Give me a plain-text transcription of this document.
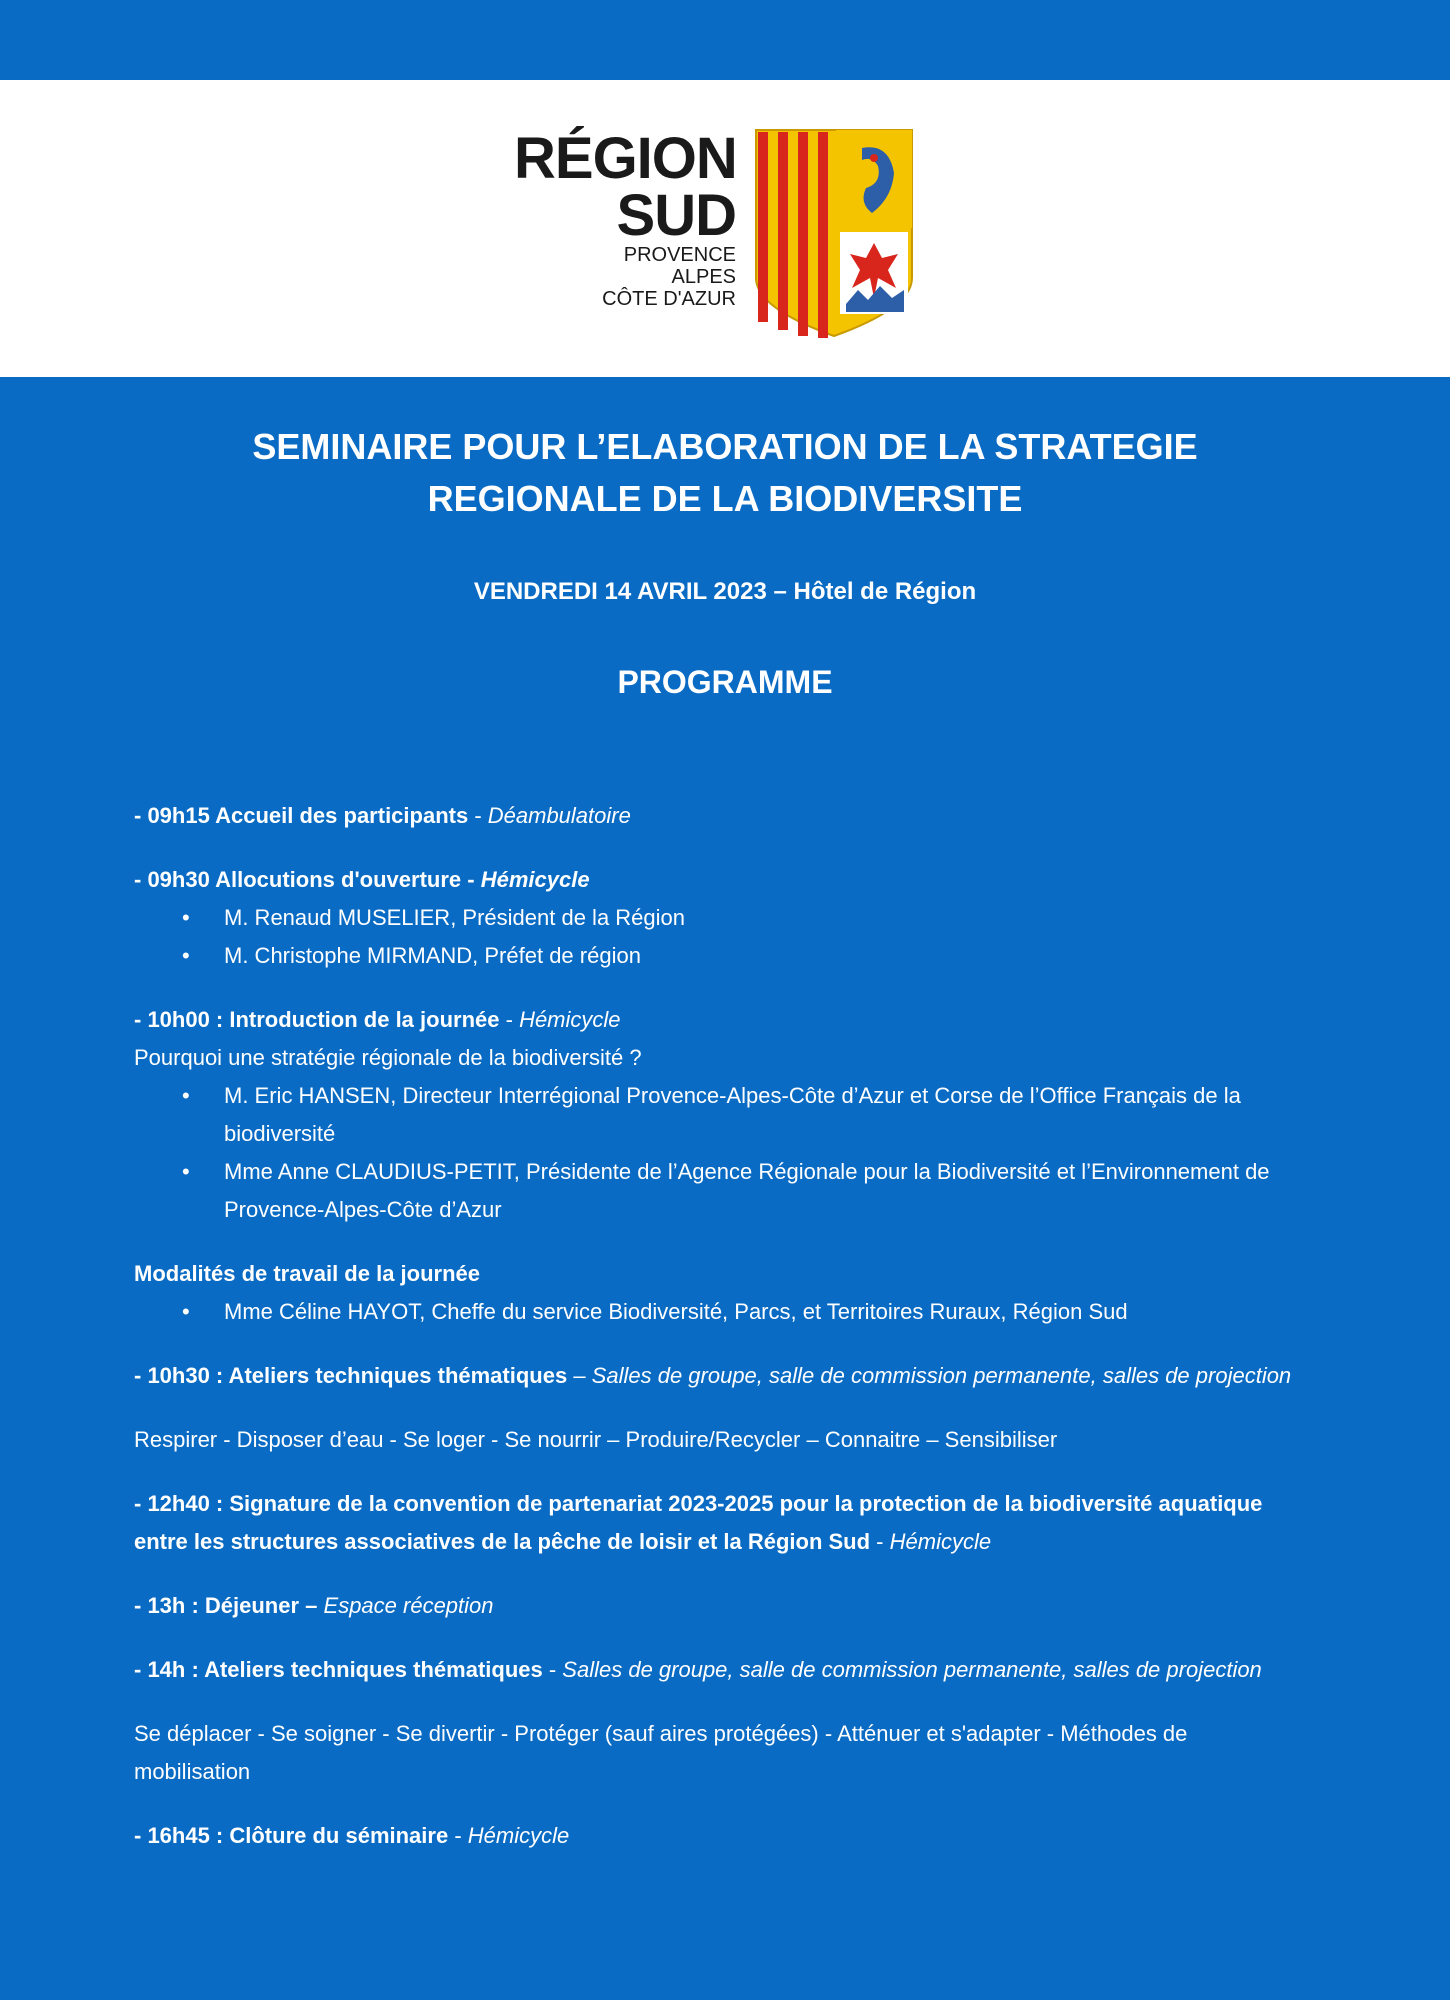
RÉGION
SUD
PROVENCE
ALPES
CÔTE D'AZUR
SEMINAIRE POUR L’ELABORATION DE LA STRATEGIE
REGIONALE DE LA BIODIVERSITE
VENDREDI 14 AVRIL 2023 – Hôtel de Région
PROGRAMME

- 09h15 Accueil des participants - Déambulatoire

- 09h30 Allocutions d'ouverture - Hémicycle

• M. Renaud MUSELIER, Président de la Région
• M. Christophe MIRMAND, Préfet de région

- 10h00 : Introduction de la journée - Hémicycle

Pourquoi une stratégie régionale de la biodiversité ?

• M. Eric HANSEN, Directeur Interrégional Provence-Alpes-Côte d’Azur et Corse de l’Office Français de la biodiversité
• Mme Anne CLAUDIUS-PETIT, Présidente de l’Agence Régionale pour la Biodiversité et l’Environnement de Provence-Alpes-Côte d’Azur

Modalités de travail de la journée

• Mme Céline HAYOT, Cheffe du service Biodiversité, Parcs, et Territoires Ruraux, Région Sud

- 10h30 : Ateliers techniques thématiques – Salles de groupe, salle de commission permanente, salles de projection

Respirer - Disposer d’eau - Se loger - Se nourrir – Produire/Recycler – Connaitre – Sensibiliser

- 12h40 : Signature de la convention de partenariat 2023-2025 pour la protection de la biodiversité aquatique entre les structures associatives de la pêche de loisir et la Région Sud - Hémicycle

- 13h : Déjeuner – Espace réception

- 14h : Ateliers techniques thématiques - Salles de groupe, salle de commission permanente, salles de projection

Se déplacer - Se soigner - Se divertir - Protéger (sauf aires protégées) - Atténuer et s'adapter - Méthodes de mobilisation

- 16h45 : Clôture du séminaire - Hémicycle
